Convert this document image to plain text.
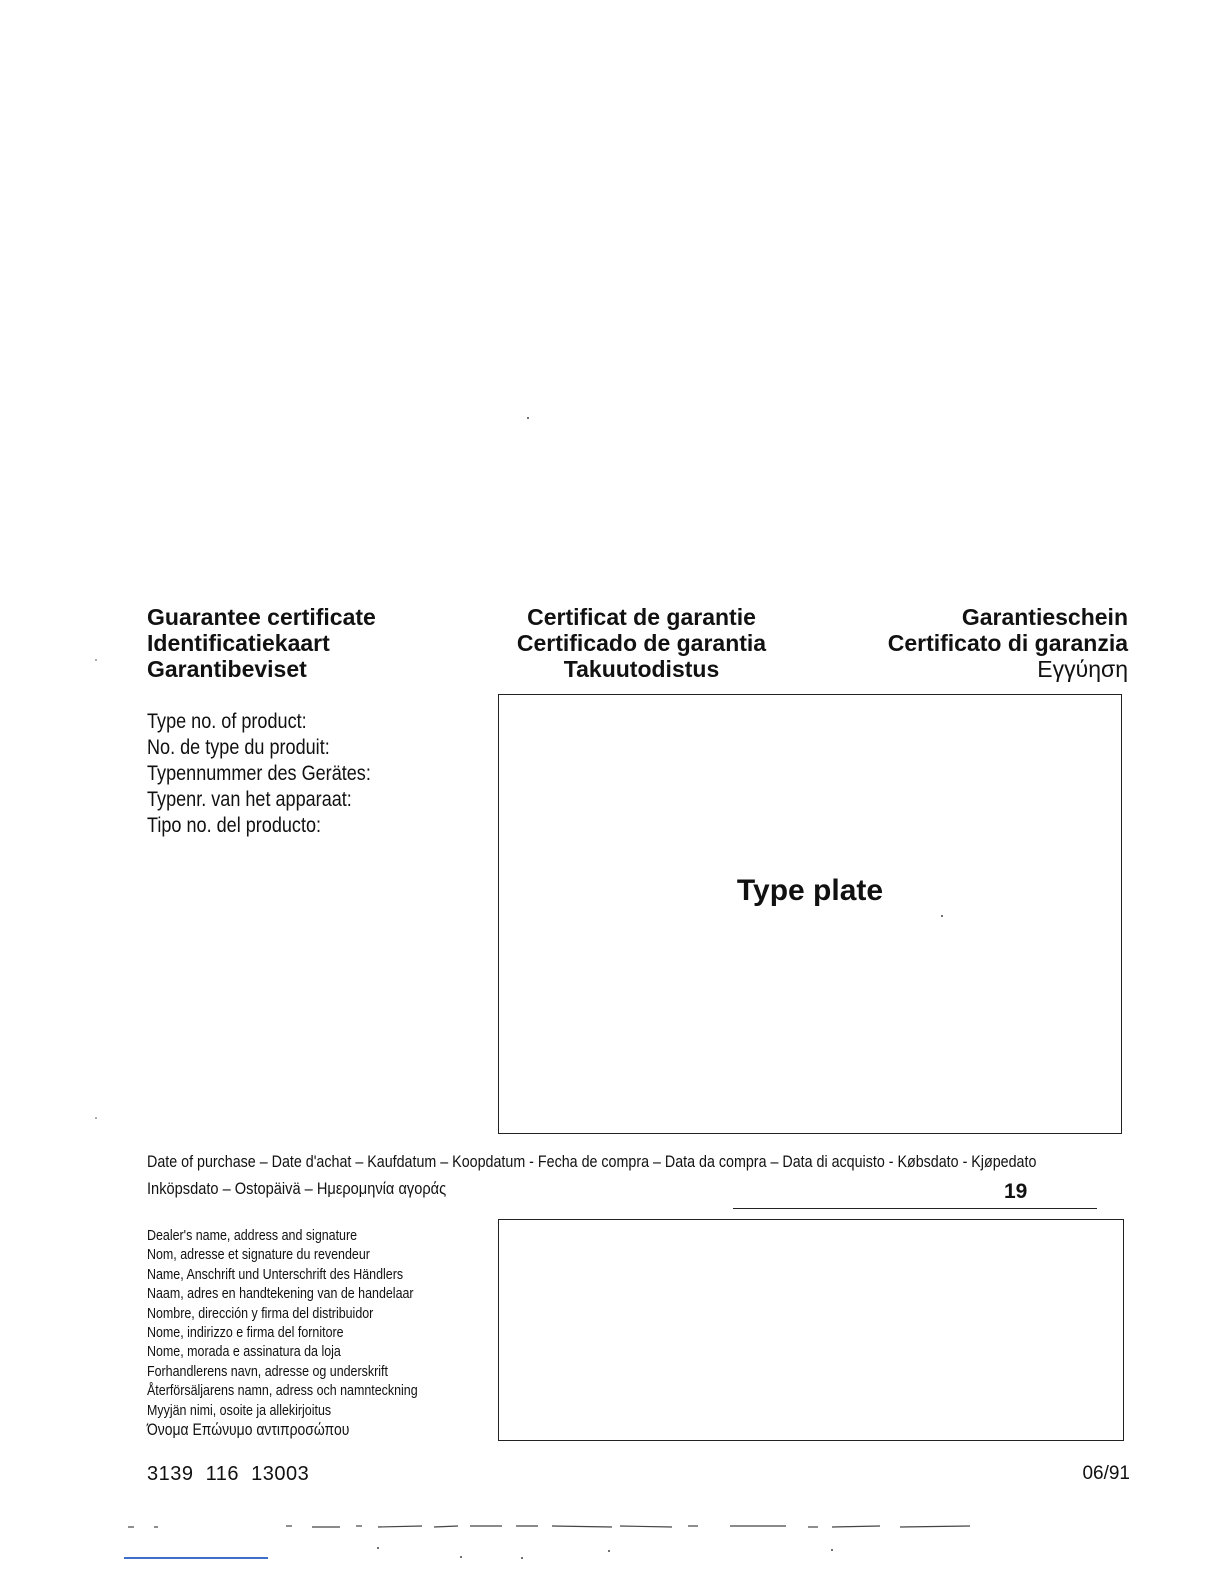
Guarantee certificate
Identificatiekaart
Garantibeviset
Certificat de garantie
Certificado de garantia
Takuutodistus
Garantieschein
Certificato di garanzia
Εγγύηση
Type no. of product:
No. de type du produit:
Typennummer des Gerätes:
Typenr. van het apparaat:
Tipo no. del producto:
Type plate
Date of purchase – Date d'achat – Kaufdatum – Koopdatum - Fecha de compra – Data da compra – Data di acquisto - Købsdato - Kjøpedato
Inköpsdato – Ostopäivä – Ημερομηνία αγοράς	19
Dealer's name, address and signature
Nom, adresse et signature du revendeur
Name, Anschrift und Unterschrift des Händlers
Naam, adres en handtekening van de handelaar
Nombre, dirección y firma del distribuidor
Nome, indirizzo e firma del fornitore
Nome, morada e assinatura da loja
Forhandlerens navn, adresse og underskrift
Återförsäljarens namn, adress och namnteckning
Myyjän nimi, osoite ja allekirjoitus
Όνομα Επώνυμο αντιπροσώπου
3139  116  13003	06/91
